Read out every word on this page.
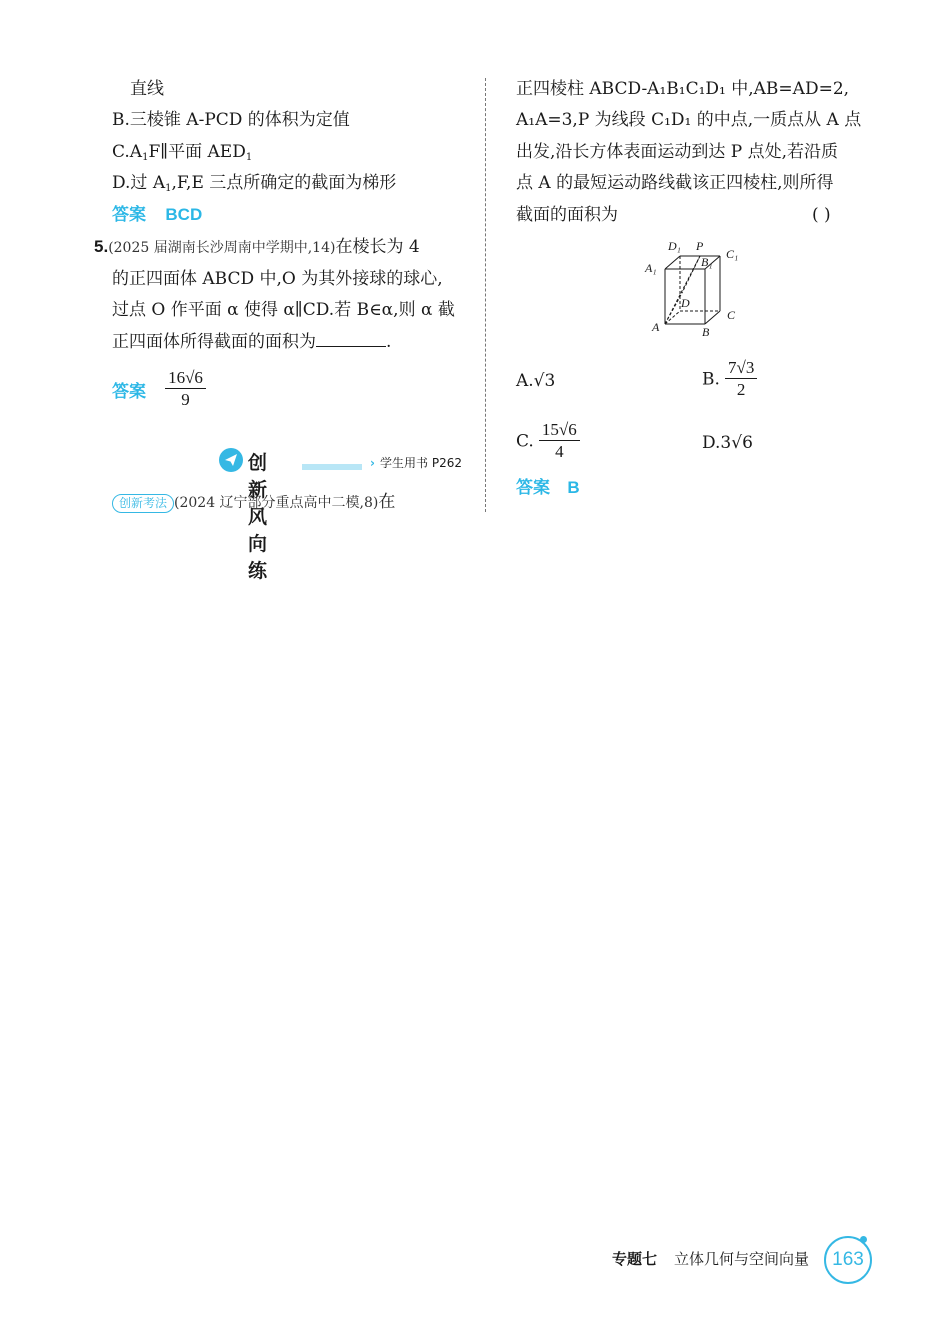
直线
B.三棱锥 A-PCD 的体积为定值
$C.A_1F\parallel$平面 $AED_1$
D.过 $A_1,F,E$ 三点所确定的截面为梯形
答案 BCD
5.(2025 届湖南长沙周南中学期中,14)在棱长为 4
的正四面体 ABCD 中,O 为其外接球的球心,
过点 O 作平面 α 使得 α∥CD.若 B∈α,则 α 截
正四面体所得截面的面积为	.
答案 $\frac{16√6}{9}$
创新风向练
› 学生用书 P262
创新考法 (2024 辽宁部分重点高中二模,8)在
正四棱柱 ABCD-A₁B₁C₁D₁ 中,AB=AD=2,
A₁A=3,P 为线段 C₁D₁ 的中点,一质点从 A 点
出发,沿长方体表面运动到达 P 点处,若沿质
点 A 的最短运动路线截该正四棱柱,则所得
截面的面积为	( )
D₁ P
C₁
A₁	B₁
D
C
A	B
A.√3	B. $\frac{7√3}{2}$
C. $\frac{15√6}{4}$	D.3√6
答案 B
专题七 立体几何与空间向量	163
